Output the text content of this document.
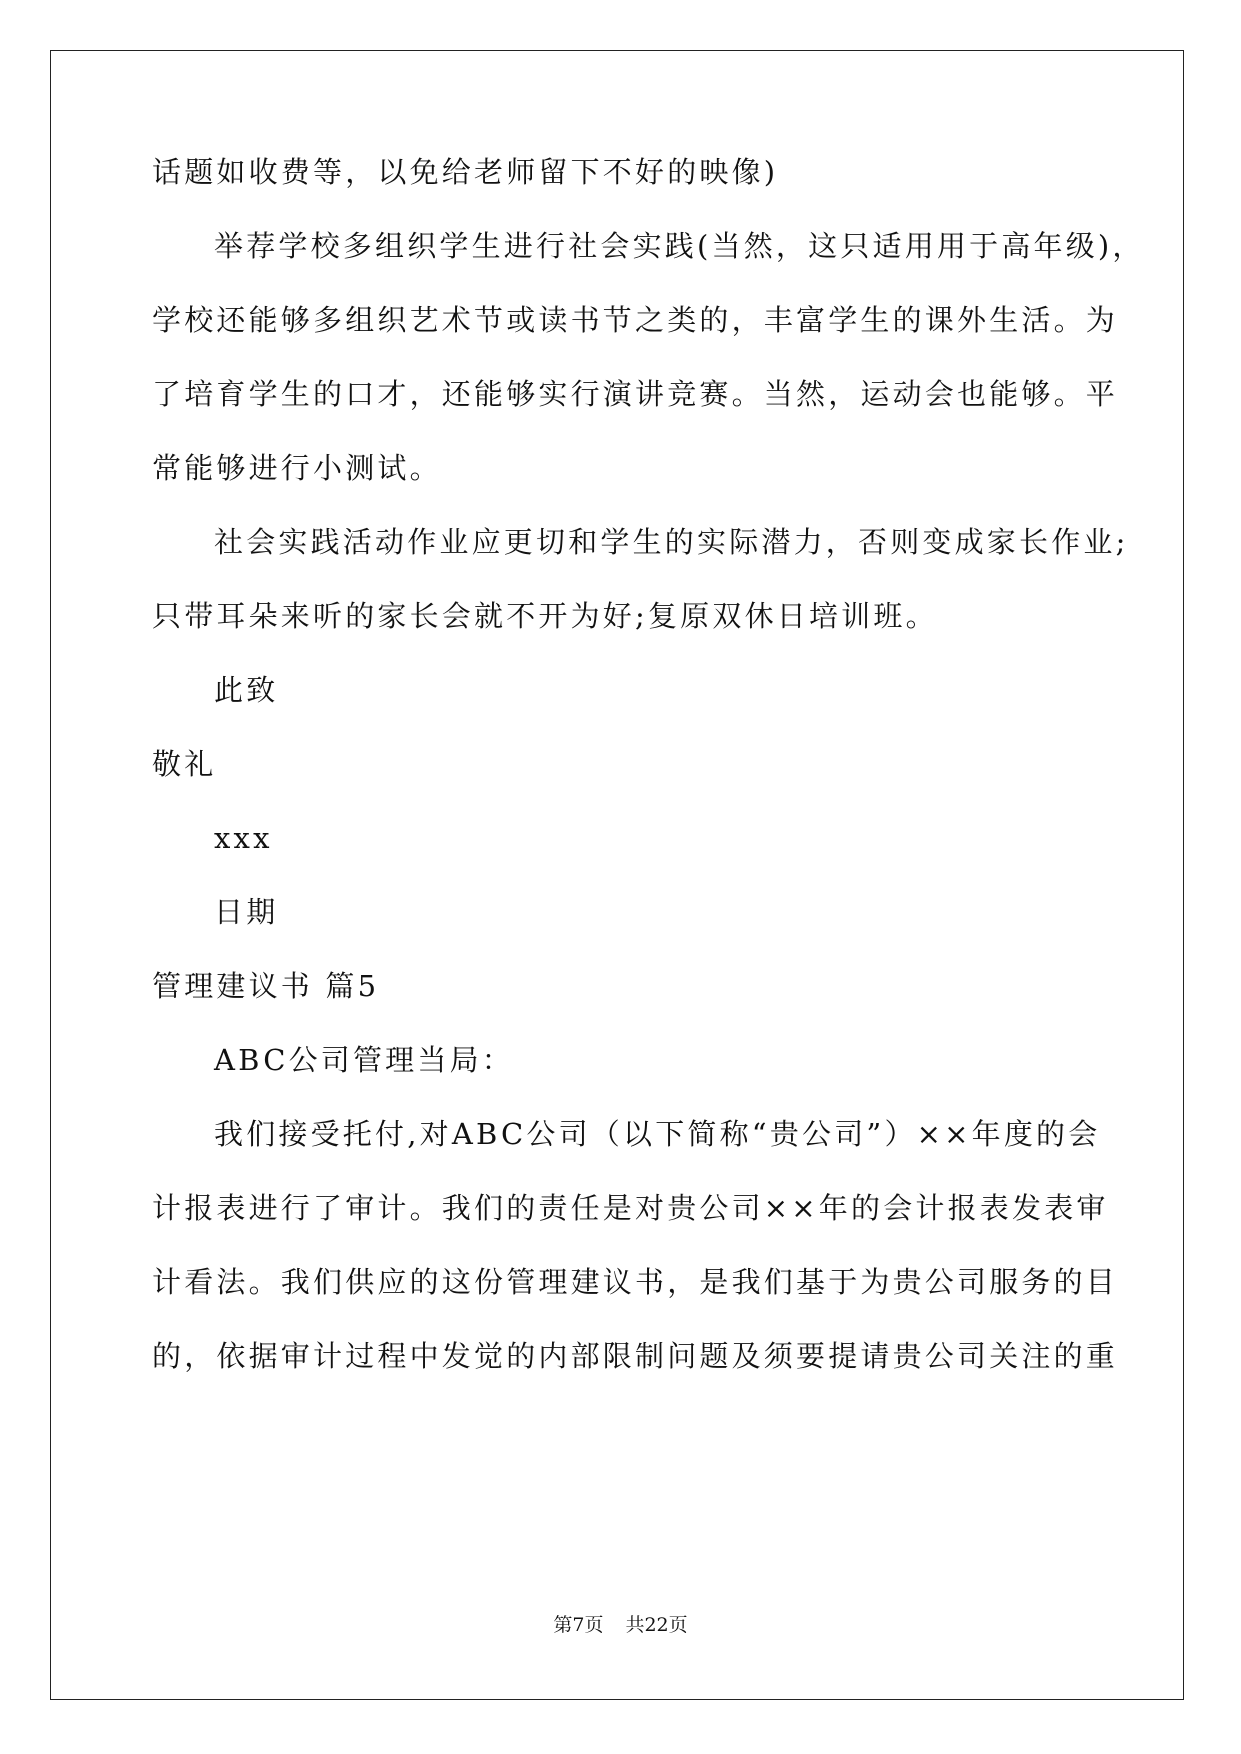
话题如收费等，以免给老师留下不好的映像)
举荐学校多组织学生进行社会实践(当然，这只适用用于高年级)，
学校还能够多组织艺术节或读书节之类的，丰富学生的课外生活。为
了培育学生的口才，还能够实行演讲竞赛。当然，运动会也能够。平
常能够进行小测试。
社会实践活动作业应更切和学生的实际潜力，否则变成家长作业;
只带耳朵来听的家长会就不开为好;复原双休日培训班。
此致
敬礼
xxx
日期
管理建议书 篇5
ABC公司管理当局：
我们接受托付,对ABC公司（以下简称“贵公司”）××年度的会
计报表进行了审计。我们的责任是对贵公司××年的会计报表发表审
计看法。我们供应的这份管理建议书，是我们基于为贵公司服务的目
的，依据审计过程中发觉的内部限制问题及须要提请贵公司关注的重
第7页 共22页
